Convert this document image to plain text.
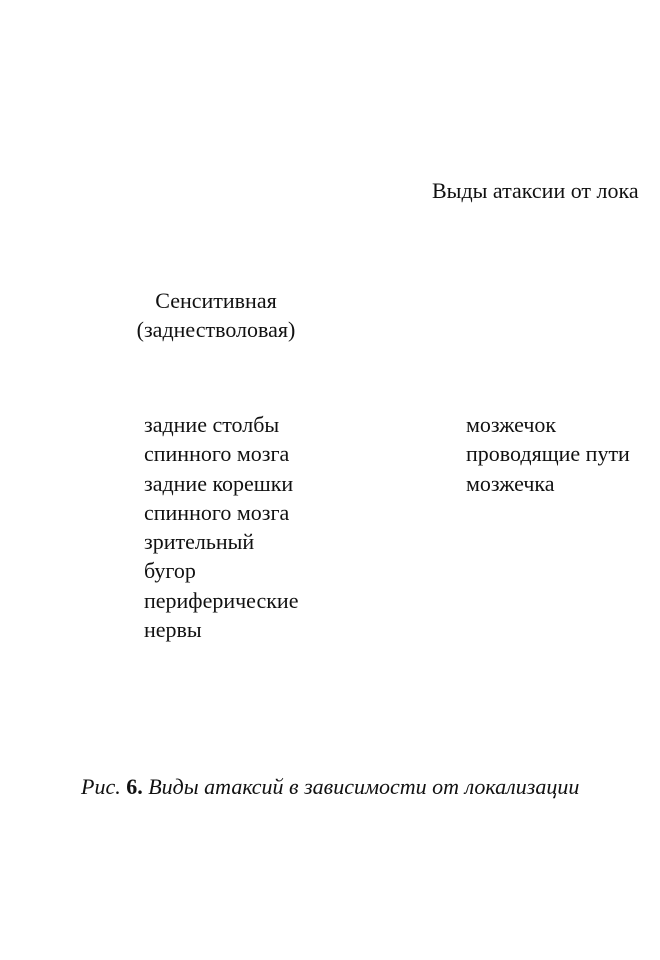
Выды атаксии от лока
Сенситивная
(заднестволовая)
задние столбы
спинного мозга
задние корешки
спинного мозга
зрительный
бугор
периферические
нервы
мозжечок
проводящие пути
мозжечка
Рис. 6. Виды атаксий в зависимости от локализации
